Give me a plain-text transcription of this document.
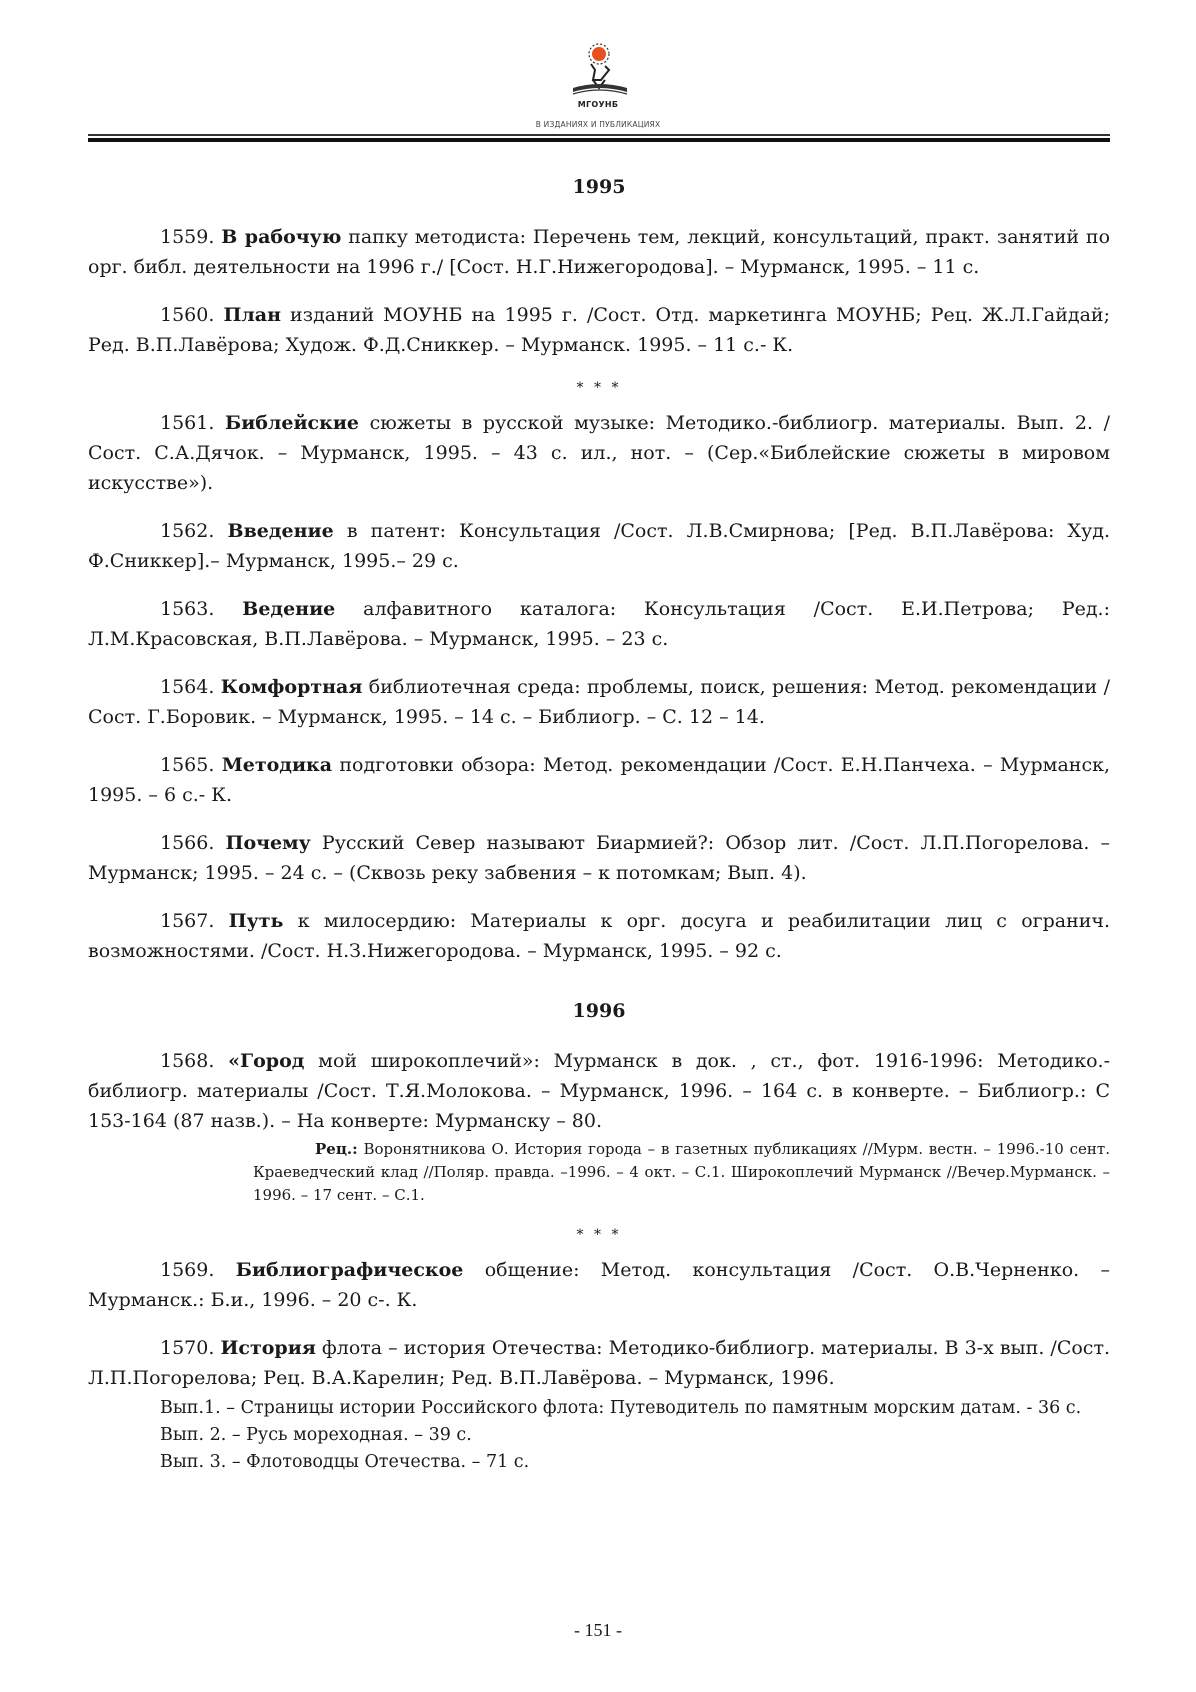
МГОУНБ
В ИЗДАНИЯХ И ПУБЛИКАЦИЯХ
1995

1559. В рабочую папку методиста: Перечень тем, лекций, консультаций, практ. занятий по орг. библ. деятельности на 1996 г./ [Сост. Н.Г.Нижегородова]. – Мурманск, 1995. – 11 с.

1560. План изданий МОУНБ на 1995 г. /Сост. Отд. маркетинга МОУНБ; Рец. Ж.Л.Гайдай; Ред. В.П.Лавёрова; Худож. Ф.Д.Сниккер. – Мурманск. 1995. – 11 с.- К.

* * *

1561. Библейские сюжеты в русской музыке: Методико.-библиогр. материалы. Вып. 2. /Сост. С.А.Дячок. – Мурманск, 1995. – 43 с. ил., нот. – (Сер.«Библейские сюжеты в мировом искусстве»).

1562. Введение в патент: Консультация /Сост. Л.В.Смирнова; [Ред. В.П.Лавёрова: Худ. Ф.Сниккер].– Мурманск, 1995.– 29 с.

1563. Ведение алфавитного каталога: Консультация /Сост. Е.И.Петрова; Ред.: Л.М.Красовская, В.П.Лавёрова. – Мурманск, 1995. – 23 с.

1564. Комфортная библиотечная среда: проблемы, поиск, решения: Метод. рекомендации /Сост. Г.Боровик. – Мурманск, 1995. – 14 с. – Библиогр. – С. 12 – 14.

1565. Методика подготовки обзора: Метод. рекомендации /Сост. Е.Н.Панчеха. – Мурманск, 1995. – 6 с.- К.

1566. Почему Русский Север называют Биармией?: Обзор лит. /Сост. Л.П.Погорелова. – Мурманск; 1995. – 24 с. – (Сквозь реку забвения – к потомкам; Вып. 4).

1567. Путь к милосердию: Материалы к орг. досуга и реабилитации лиц с огранич. возможностями. /Сост. Н.З.Нижегородова. – Мурманск, 1995. – 92 с.

1996

1568. «Город мой широкоплечий»: Мурманск в док. , ст., фот. 1916-1996: Методико.-библиогр. материалы /Сост. Т.Я.Молокова. – Мурманск, 1996. – 164 с. в конверте. – Библиогр.: С 153-164 (87 назв.). – На конверте: Мурманску – 80.

Рец.: Воронятникова О. История города – в газетных публикациях //Мурм. вестн. – 1996.-10 сент. Краеведческий клад //Поляр. правда. –1996. – 4 окт. – С.1. Широкоплечий Мурманск //Вечер.Мурманск. – 1996. – 17 сент. – С.1.

* * *

1569. Библиографическое общение: Метод. консультация /Сост. О.В.Черненко. – Мурманск.: Б.и., 1996. – 20 с-. К.

1570. История флота – история Отечества: Методико-библиогр. материалы. В 3-х вып. /Сост. Л.П.Погорелова; Рец. В.А.Карелин; Ред. В.П.Лавёрова. – Мурманск, 1996.

Вып.1. – Страницы истории Российского флота: Путеводитель по памятным морским датам. - 36 с.

Вып. 2. – Русь мореходная. – 39 с.

Вып. 3. – Флотоводцы Отечества. – 71 с.

- 151 -
